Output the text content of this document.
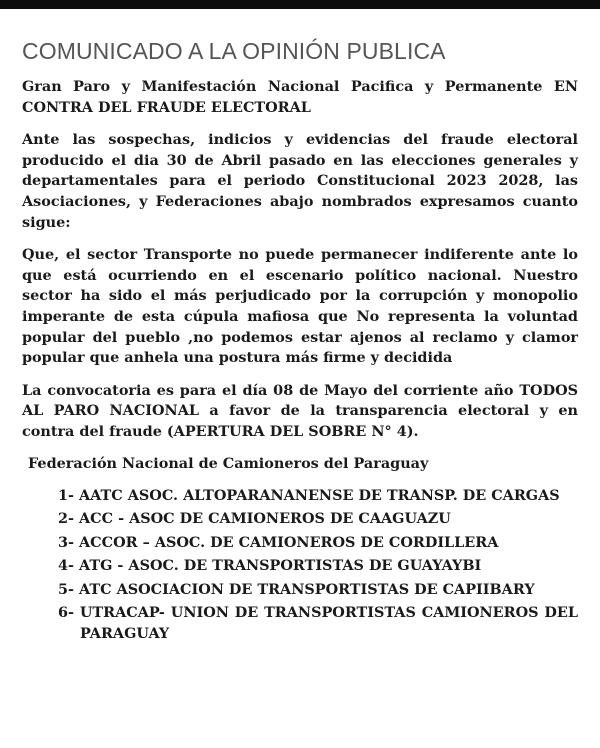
COMUNICADO A LA OPINIÓN PUBLICA

Gran Paro y Manifestación Nacional Pacifica y Permanente EN CONTRA DEL FRAUDE ELECTORAL

Ante las sospechas, indicios y evidencias del fraude electoral producido el dia 30 de Abril pasado en las elecciones generales y departamentales para el periodo Constitucional 2023 2028, las Asociaciones, y Federaciones abajo nombrados expresamos cuanto sigue:

Que, el sector Transporte no puede permanecer indiferente ante lo que está ocurriendo en el escenario político nacional. Nuestro sector ha sido el más perjudicado por la corrupción y monopolio imperante de esta cúpula mafiosa que No representa la voluntad popular del pueblo ,no podemos estar ajenos al reclamo y clamor popular que anhela una postura más firme y decidida

La convocatoria es para el día 08 de Mayo del corriente año TODOS AL PARO NACIONAL a favor de la transparencia electoral y en contra del fraude (APERTURA DEL SOBRE N° 4).

Federación Nacional de Camioneros del Paraguay
1- AATC ASOC. ALTOPARANANENSE DE TRANSP. DE CARGAS
2- ACC - ASOC DE CAMIONEROS DE CAAGUAZU
3- ACCOR – ASOC. DE CAMIONEROS DE CORDILLERA
4- ATG - ASOC. DE TRANSPORTISTAS DE GUAYAYBI
5- ATC ASOCIACION DE TRANSPORTISTAS DE CAPIIBARY
6- UTRACAP- UNION DE TRANSPORTISTAS CAMIONEROS DEL PARAGUAY
